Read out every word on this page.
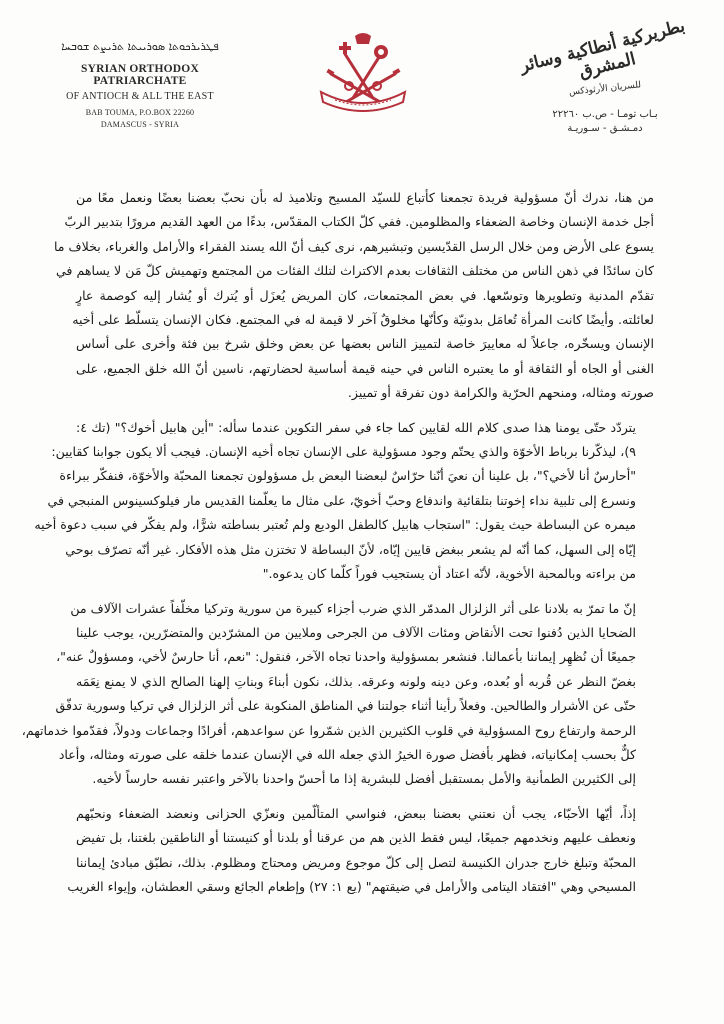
ܦܛܪܝܪܟܘܬܐ ܣܘܪܝܝܬܐ ܬܪܝܨܬ ܫܘܒܚܐ
SYRIAN ORTHODOX PATRIARCHATE
OF ANTIOCH & ALL THE EAST
BAB TOUMA, P.O.BOX 22260
DAMASCUS - SYRIA
بطريركية أنطاكية وسائر المشرق
للسريان الأرثوذكس
بـاب تومـا - ص.ب ٢٢٢٦٠
دمـشـق - سـوريـة

من هنا، ندرك أنّ مسؤولية فريدة تجمعنا كأتباع للسيّد المسيح وتلاميذ له بأن نحبّ بعضنا بعضًا ونعمل معًا من
أجل خدمة الإنسان وخاصة الضعفاء والمظلومين. ففي كلّ الكتاب المقدّس، بدءًا من العهد القديم مرورًا بتدبير الربّ
يسوع على الأرض ومن خلال الرسل القدّيسين وتبشيرهم، نرى كيف أنّ الله يسند الفقراء والأرامل والغرباء، بخلاف ما
كان سائدًا في ذهن الناس من مختلف الثقافات بعدم الاكتراث لتلك الفئات من المجتمع وتهميش كلّ مَن لا يساهم في
تقدّم المدنية وتطويرها وتوسّعها. في بعض المجتمعات، كان المريض يُعزَل أو يُترك أو يُشار إليه كوصمة عارٍ
لعائلته. وأيضًا كانت المرأة تُعامَل بدونيّة وكأنّها مخلوقٌ آخر لا قيمة له في المجتمع. فكان الإنسان يتسلّط على أخيه
الإنسان ويسخّره، جاعلاً له معاييرَ خاصة لتمييز الناس بعضها عن بعض وخلق شرخ بين فئة وأخرى على أساس
الغنى أو الجاه أو الثقافة أو ما يعتبره الناس في حينه قيمة أساسية لحضارتهم، ناسين أنّ الله خلق الجميع، على
صورته ومثاله، ومنحهم الحرّية والكرامة دون تفرقة أو تمييز.

يتردّد حتّى يومنا هذا صدى كلام الله لقايين كما جاء في سفر التكوين عندما سأله: "أين هابيل أخوك؟" (تك ٤:
٩)، ليذكّرنا برباط الأخوّة والذي يحتّم وجود مسؤولية على الإنسان تجاه أخيه الإنسان. فيجب ألا يكون جوابنا كقايين:
"أحارسٌ أنا لأخي؟"، بل علينا أن نعيَ أنّنا حرّاسٌ لبعضنا البعض بل مسؤولون تجمعنا المحبّة والأخوّة، فنفكّر ببراءة
ونسرع إلى تلبية نداء إخوتنا بتلقائية واندفاع وحبّ أخويّ، على مثال ما يعلّمنا القديس مار فيلوكسينوس المنبجي في
ميمره عن البساطة حيث يقول: "استجاب هابيل كالطفل الوديع ولم تُعتبر بساطته شرًّا، ولم يفكّر في سبب دعوة أخيه
إيّاه إلى السهل، كما أنّه لم يشعر ببغض قايين إيّاه، لأنّ البساطة لا تختزن مثل هذه الأفكار. غير أنّه تصرّف بوحي
من براءته وبالمحبة الأخوية، لأنّه اعتاد أن يستجيب فوراً كلّما كان يدعوه."

إنّ ما تمرّ به بلادنا على أثر الزلزال المدمّر الذي ضرب أجزاء كبيرة من سورية وتركيا مخلّفاً عشرات الآلاف من
الضحايا الذين دُفنوا تحت الأنقاض ومئات الآلاف من الجرحى وملايين من المشرّدين والمتضرّرين، يوجب علينا
جميعًا أن نُظهِر إيماننا بأعمالنا. فنشعر بمسؤولية واحدنا تجاه الآخر، فنقول: "نعم، أنا حارسٌ لأخي، ومسؤولٌ عنه"،
بغضّ النظر عن قُربه أو بُعده، وعن دينه ولونه وعرقه. بذلك، نكون أبناءَ وبناتِ إلهنا الصالح الذي لا يمنع نِعَمَه
حتّى عن الأشرار والطالحين. وفعلاً رأينا أثناء جولتنا في المناطق المنكوبة على أثر الزلزال في تركيا وسورية تدفّق
الرحمة وارتفاع روح المسؤولية في قلوب الكثيرين الذين شمّروا عن سواعدهم، أفرادًا وجماعات ودولاً، فقدّموا خدماتهم،
كلٌّ بحسب إمكانياته، فظهر بأفضل صورة الخيرُ الذي جعله الله في الإنسان عندما خلقه على صورته ومثاله، وأعاد
إلى الكثيرين الطمأنية والأمل بمستقبل أفضل للبشرية إذا ما أحسّ واحدنا بالآخر واعتبر نفسه حارساً لأخيه.

إذاً، أيّها الأحبّاء، يجب أن نعتني بعضنا ببعض، فنواسي المتألّمين ونعزّي الحزانى ونعضد الضعفاء ونحبّهم
ونعطف عليهم ونخدمهم جميعًا، ليس فقط الذين هم من عرقنا أو بلدنا أو كنيستنا أو الناطقين بلغتنا، بل تفيض
المحبّة وتبلغ خارج جدران الكنيسة لتصل إلى كلّ موجوع ومريض ومحتاج ومظلوم. بذلك، نطبّق مبادئ إيماننا
المسيحي وهي "افتقاد اليتامى والأرامل في ضيقتهم" (يع ١: ٢٧) وإطعام الجائع وسقي العطشان، وإيواء الغريب
